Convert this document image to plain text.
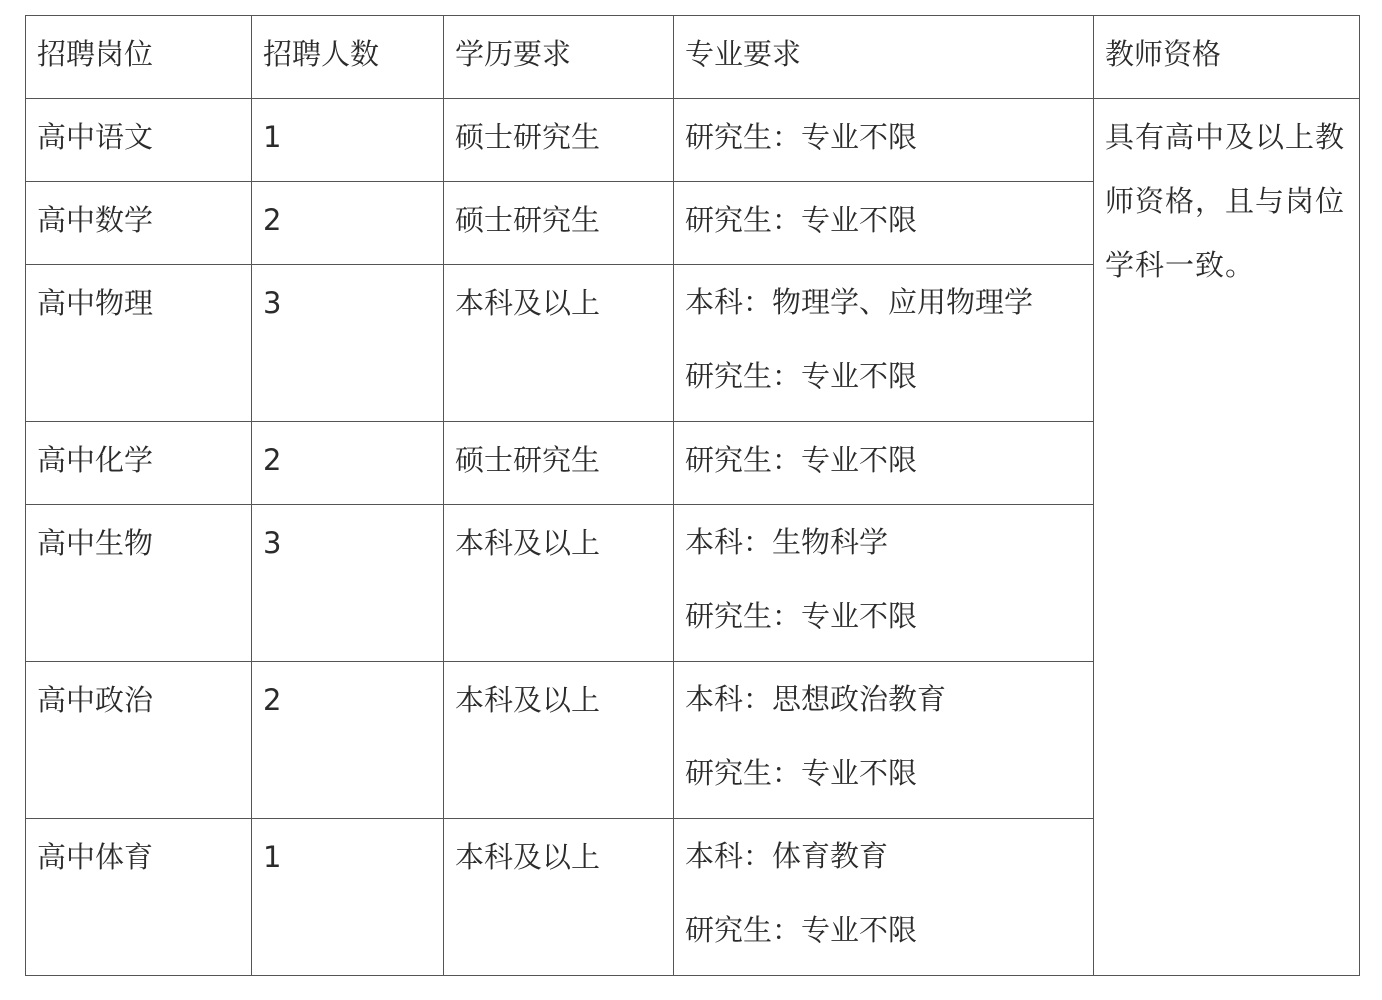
招聘岗位	招聘人数	学历要求	专业要求	教师资格
高中语文	1	硕士研究生	研究生：专业不限	具有高中及以上教师资格，且与岗位学科一致。
高中数学	2	硕士研究生	研究生：专业不限	

高中物理	3	本科及以上	本科：物理学、应用物理学
研究生：专业不限	

高中化学	2	硕士研究生	研究生：专业不限	

高中生物	3	本科及以上	本科：生物科学
研究生：专业不限	

高中政治	2	本科及以上	本科：思想政治教育
研究生：专业不限	

高中体育	1	本科及以上	本科：体育教育
研究生：专业不限	
